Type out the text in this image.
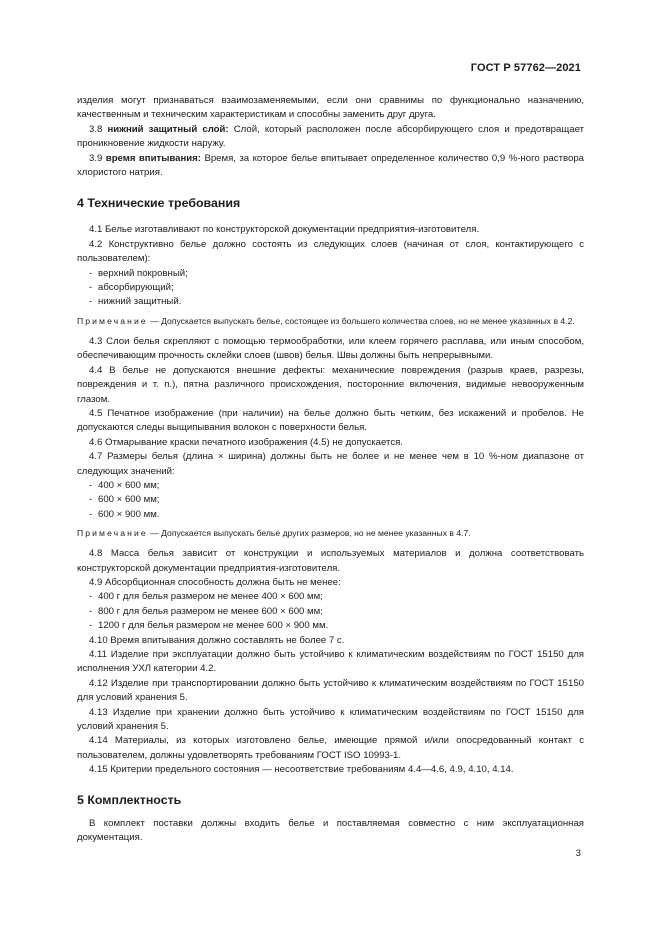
ГОСТ Р 57762—2021

изделия могут признаваться взаимозаменяемыми, если они сравнимы по функционально назначению, качественным и техническим характеристикам и способны заменить друг друга.

3.8 нижний защитный слой: Слой, который расположен после абсорбирующего слоя и предотвращает проникновение жидкости наружу.

3.9 время впитывания: Время, за которое белье впитывает определенное количество 0,9 %-ного раствора хлористого натрия.

4 Технические требования

4.1 Белье изготавливают по конструкторской документации предприятия-изготовителя.

4.2 Конструктивно белье должно состоять из следующих слоев (начиная от слоя, контактирующего с пользователем):

- верхний покровный;
- абсорбирующий;
- нижний защитный.

Примечание — Допускается выпускать белье, состоящее из большего количества слоев, но не менее указанных в 4.2.

4.3 Слои белья скрепляют с помощью термообработки, или клеем горячего расплава, или иным способом, обеспечивающим прочность склейки слоев (швов) белья. Швы должны быть непрерывными.

4.4 В белье не допускаются внешние дефекты: механические повреждения (разрыв краев, разрезы, повреждения и т. п.), пятна различного происхождения, посторонние включения, видимые невооруженным глазом.

4.5 Печатное изображение (при наличии) на белье должно быть четким, без искажений и пробелов. Не допускаются следы выщипывания волокон с поверхности белья.

4.6 Отмарывание краски печатного изображения (4.5) не допускается.

4.7 Размеры белья (длина × ширина) должны быть не более и не менее чем в 10 %-ном диапазоне от следующих значений:

- 400 × 600 мм;
- 600 × 600 мм;
- 600 × 900 мм.

Примечание — Допускается выпускать белье других размеров, но не менее указанных в 4.7.

4.8 Масса белья зависит от конструкции и используемых материалов и должна соответствовать конструкторской документации предприятия-изготовителя.

4.9 Абсорбционная способность должна быть не менее:

- 400 г для белья размером не менее 400 × 600 мм;
- 800 г для белья размером не менее 600 × 600 мм;
- 1200 г для белья размером не менее 600 × 900 мм.

4.10 Время впитывания должно составлять не более 7 с.

4.11 Изделие при эксплуатации должно быть устойчиво к климатическим воздействиям по ГОСТ 15150 для исполнения УХЛ категории 4.2.

4.12 Изделие при транспортировании должно быть устойчиво к климатическим воздействиям по ГОСТ 15150 для условий хранения 5.

4.13 Изделие при хранении должно быть устойчиво к климатическим воздействиям по ГОСТ 15150 для условий хранения 5.

4.14 Материалы, из которых изготовлено белье, имеющие прямой и/или опосредованный контакт с пользователем, должны удовлетворять требованиям ГОСТ ISO 10993-1.

4.15 Критерии предельного состояния — несоответствие требованиям 4.4—4.6, 4.9, 4.10, 4.14.

5 Комплектность

В комплект поставки должны входить белье и поставляемая совместно с ним эксплуатационная документация.

3
